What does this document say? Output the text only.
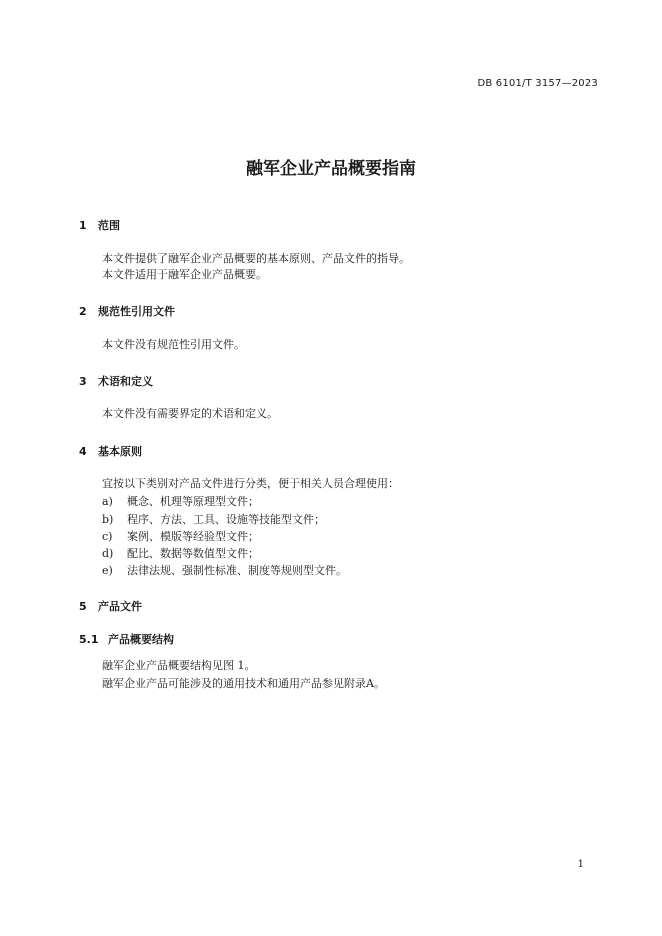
DB 6101/T 3157—2023
融军企业产品概要指南
1 范围
本文件提供了融军企业产品概要的基本原则、产品文件的指导。
本文件适用于融军企业产品概要。
2 规范性引用文件
本文件没有规范性引用文件。
3 术语和定义
本文件没有需要界定的术语和定义。
4 基本原则
宜按以下类别对产品文件进行分类，便于相关人员合理使用：
a) 概念、机理等原理型文件；
b) 程序、方法、工具、设施等技能型文件；
c) 案例、模版等经验型文件；
d) 配比、数据等数值型文件；
e) 法律法规、强制性标准、制度等规则型文件。
5 产品文件
5.1 产品概要结构
融军企业产品概要结构见图 1。
融军企业产品可能涉及的通用技术和通用产品参见附录A。
1
